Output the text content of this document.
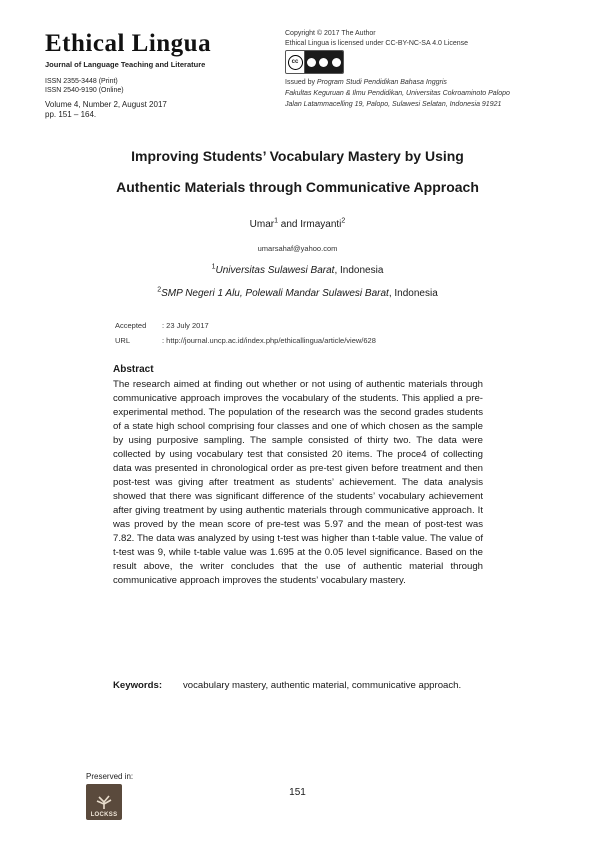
Ethical Lingua
Journal of Language Teaching and Literature
ISSN 2355-3448 (Print)
ISSN 2540-9190 (Online)
Volume 4, Number 2, August 2017
pp. 151 – 164.
Copyright © 2017 The Author
Ethical Lingua is licensed under CC-BY-NC-SA 4.0 License
cc
Issued by Program Studi Pendidikan Bahasa Inggris
Fakultas Keguruan & Ilmu Pendidikan, Universitas Cokroaminoto Palopo
Jalan Latammacelling 19, Palopo, Sulawesi Selatan, Indonesia 91921
Improving Students’ Vocabulary Mastery by Using
Authentic Materials through Communicative Approach
Umar$^1$ and Irmayanti$^2$
umarsahaf@yahoo.com
$^1$Universitas Sulawesi Barat, Indonesia
$^2$SMP Negeri 1 Alu, Polewali Mandar Sulawesi Barat, Indonesia
Accepted	: 23 July 2017
URL	: http://journal.uncp.ac.id/index.php/ethicallingua/article/view/628
Abstract
The research aimed at finding out whether or not using of authentic materials through communicative approach improves the vocabulary of the students. This applied a pre-experimental method. The population of the research was the second grades students of a state high school comprising four classes and one of which chosen as the sample by using purposive sampling. The sample consisted of thirty two. The data were collected by using vocabulary test that consisted 20 items. The proce4 of collecting data was presented in chronological order as pre-test given before treatment and then post-test was giving after treatment as students’ achievement. The data analysis showed that there was significant difference of the students’ vocabulary achievement after giving treatment by using authentic materials through communicative approach. It was proved by the mean score of pre-test was 5.97 and the mean of post-test was 7.82. The data was analyzed by using t-test was higher than t-table value. The value of t-test was 9, while t-table value was 1.695 at the 0.05 level significance. Based on the result above, the writer concludes that the use of authentic material through communicative approach improves the students’ vocabulary mastery.
Keywords:	vocabulary mastery, authentic material, communicative approach.
Preserved in:
LOCKSS
151
